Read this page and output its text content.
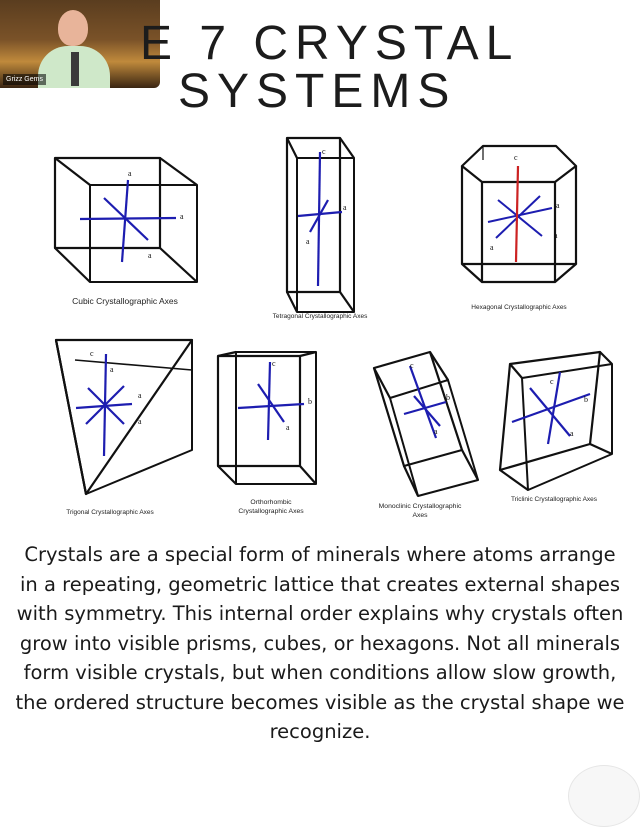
Grizz Gems
E 7 CRYSTAL
SYSTEMS
a
a
a
c
a
a
c
a
a
a
c
a
a
a
c
b
a
c
b
a
c
b
a
Cubic Crystallographic Axes
Tetragonal Crystallographic Axes
Hexagonal Crystallographic Axes
Trigonal Crystallographic Axes
Orthorhombic Crystallographic Axes
Monoclinic Crystallographic Axes
Triclinic Crystallographic Axes
Crystals are a special form of minerals where atoms arrange in a repeating, geometric lattice that creates external shapes with symmetry. This internal order explains why crystals often grow into visible prisms, cubes, or hexagons. Not all minerals form visible crystals, but when conditions allow slow growth, the ordered structure becomes visible as the crystal shape we recognize.
